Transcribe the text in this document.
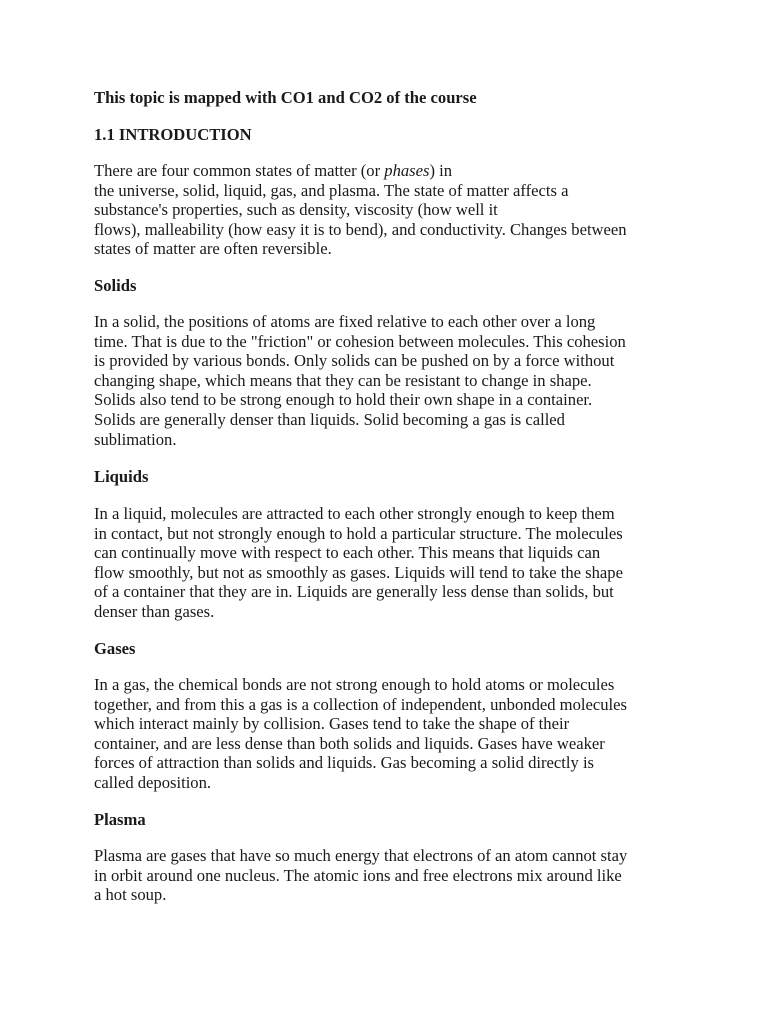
This topic is mapped with CO1 and CO2 of the course

1.1 INTRODUCTION

There are four common states of matter (or phases) in
the universe, solid, liquid, gas, and plasma. The state of matter affects a
substance's properties, such as density, viscosity (how well it
flows), malleability (how easy it is to bend), and conductivity. Changes between
states of matter are often reversible.

Solids

In a solid, the positions of atoms are fixed relative to each other over a long
time. That is due to the "friction" or cohesion between molecules. This cohesion
is provided by various bonds. Only solids can be pushed on by a force without
changing shape, which means that they can be resistant to change in shape.
Solids also tend to be strong enough to hold their own shape in a container.
Solids are generally denser than liquids. Solid becoming a gas is called
sublimation.

Liquids

In a liquid, molecules are attracted to each other strongly enough to keep them
in contact, but not strongly enough to hold a particular structure. The molecules
can continually move with respect to each other. This means that liquids can
flow smoothly, but not as smoothly as gases. Liquids will tend to take the shape
of a container that they are in. Liquids are generally less dense than solids, but
denser than gases.

Gases

In a gas, the chemical bonds are not strong enough to hold atoms or molecules
together, and from this a gas is a collection of independent, unbonded molecules
which interact mainly by collision. Gases tend to take the shape of their
container, and are less dense than both solids and liquids. Gases have weaker
forces of attraction than solids and liquids. Gas becoming a solid directly is
called deposition.

Plasma

Plasma are gases that have so much energy that electrons of an atom cannot stay
in orbit around one nucleus. The atomic ions and free electrons mix around like
a hot soup.
